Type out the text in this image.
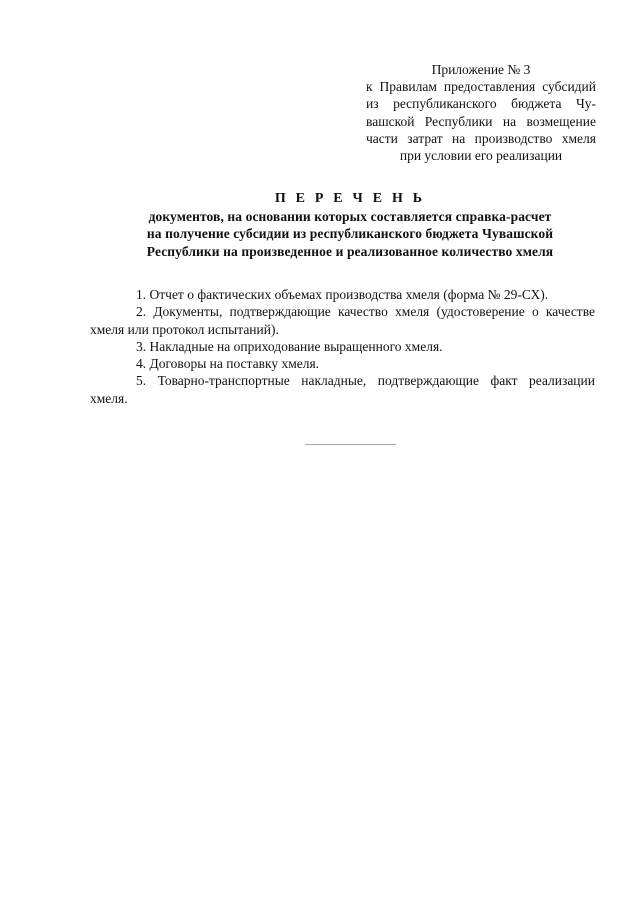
Приложение № 3
к Правилам предоставления субсидий
из республиканского бюджета Чу-
вашской Республики на возмещение
части затрат на производство хмеля
при условии его реализации
П Е Р Е Ч Е Н Ь
документов, на основании которых составляется справка-расчет
на получение субсидии из республиканского бюджета Чувашской
Республики на произведенное и реализованное количество хмеля

1. Отчет о фактических объемах производства хмеля (форма № 29-СХ).

2. Документы, подтверждающие качество хмеля (удостоверение о качестве хмеля или протокол испытаний).

3. Накладные на оприходование выращенного хмеля.

4. Договоры на поставку хмеля.

5. Товарно-транспортные накладные, подтверждающие факт реализации хмеля.
